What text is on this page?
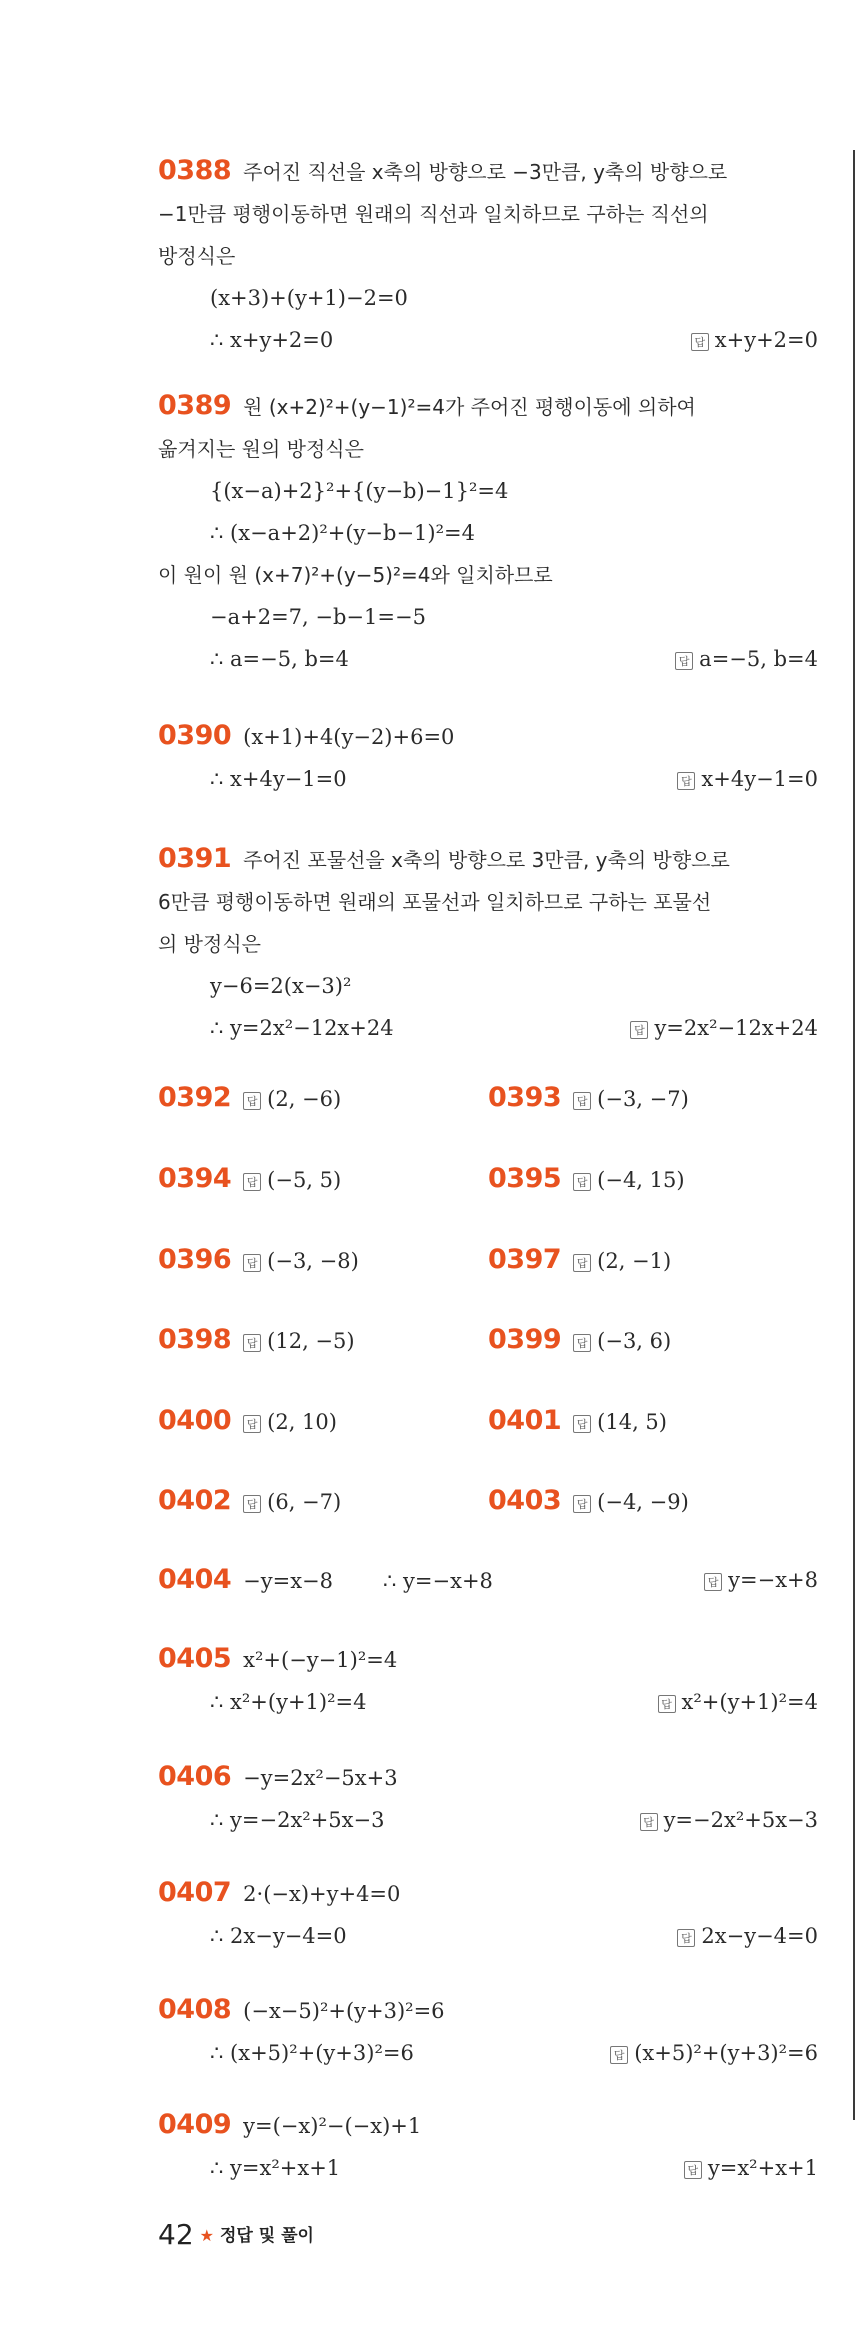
0388 주어진 직선을 x축의 방향으로 −3만큼, y축의 방향으로
−1만큼 평행이동하면 원래의 직선과 일치하므로 구하는 직선의
방정식은
(x+3)+(y+1)−2=0
∴ x+y+2=0	답 x+y+2=0
0389 원 (x+2)²+(y−1)²=4가 주어진 평행이동에 의하여
옮겨지는 원의 방정식은
{(x−a)+2}²+{(y−b)−1}²=4
∴ (x−a+2)²+(y−b−1)²=4
이 원이 원 (x+7)²+(y−5)²=4와 일치하므로
−a+2=7, −b−1=−5
∴ a=−5, b=4	답 a=−5, b=4
0390 (x+1)+4(y−2)+6=0
∴ x+4y−1=0	답 x+4y−1=0
0391 주어진 포물선을 x축의 방향으로 3만큼, y축의 방향으로
6만큼 평행이동하면 원래의 포물선과 일치하므로 구하는 포물선
의 방정식은
y−6=2(x−3)²
∴ y=2x²−12x+24	답 y=2x²−12x+24
0392 답 (2, −6)	0393 답 (−3, −7)
0394 답 (−5, 5)	0395 답 (−4, 15)
0396 답 (−3, −8)	0397 답 (2, −1)
0398 답 (12, −5)	0399 답 (−3, 6)
0400 답 (2, 10)	0401 답 (14, 5)
0402 답 (6, −7)	0403 답 (−4, −9)
0404 −y=x−8 ∴ y=−x+8	답 y=−x+8
0405 x²+(−y−1)²=4
∴ x²+(y+1)²=4	답 x²+(y+1)²=4
0406 −y=2x²−5x+3
∴ y=−2x²+5x−3	답 y=−2x²+5x−3
0407 2·(−x)+y+4=0
∴ 2x−y−4=0	답 2x−y−4=0
0408 (−x−5)²+(y+3)²=6
∴ (x+5)²+(y+3)²=6	답 (x+5)²+(y+3)²=6
0409 y=(−x)²−(−x)+1
∴ y=x²+x+1	답 y=x²+x+1
42 ★ 정답 및 풀이
